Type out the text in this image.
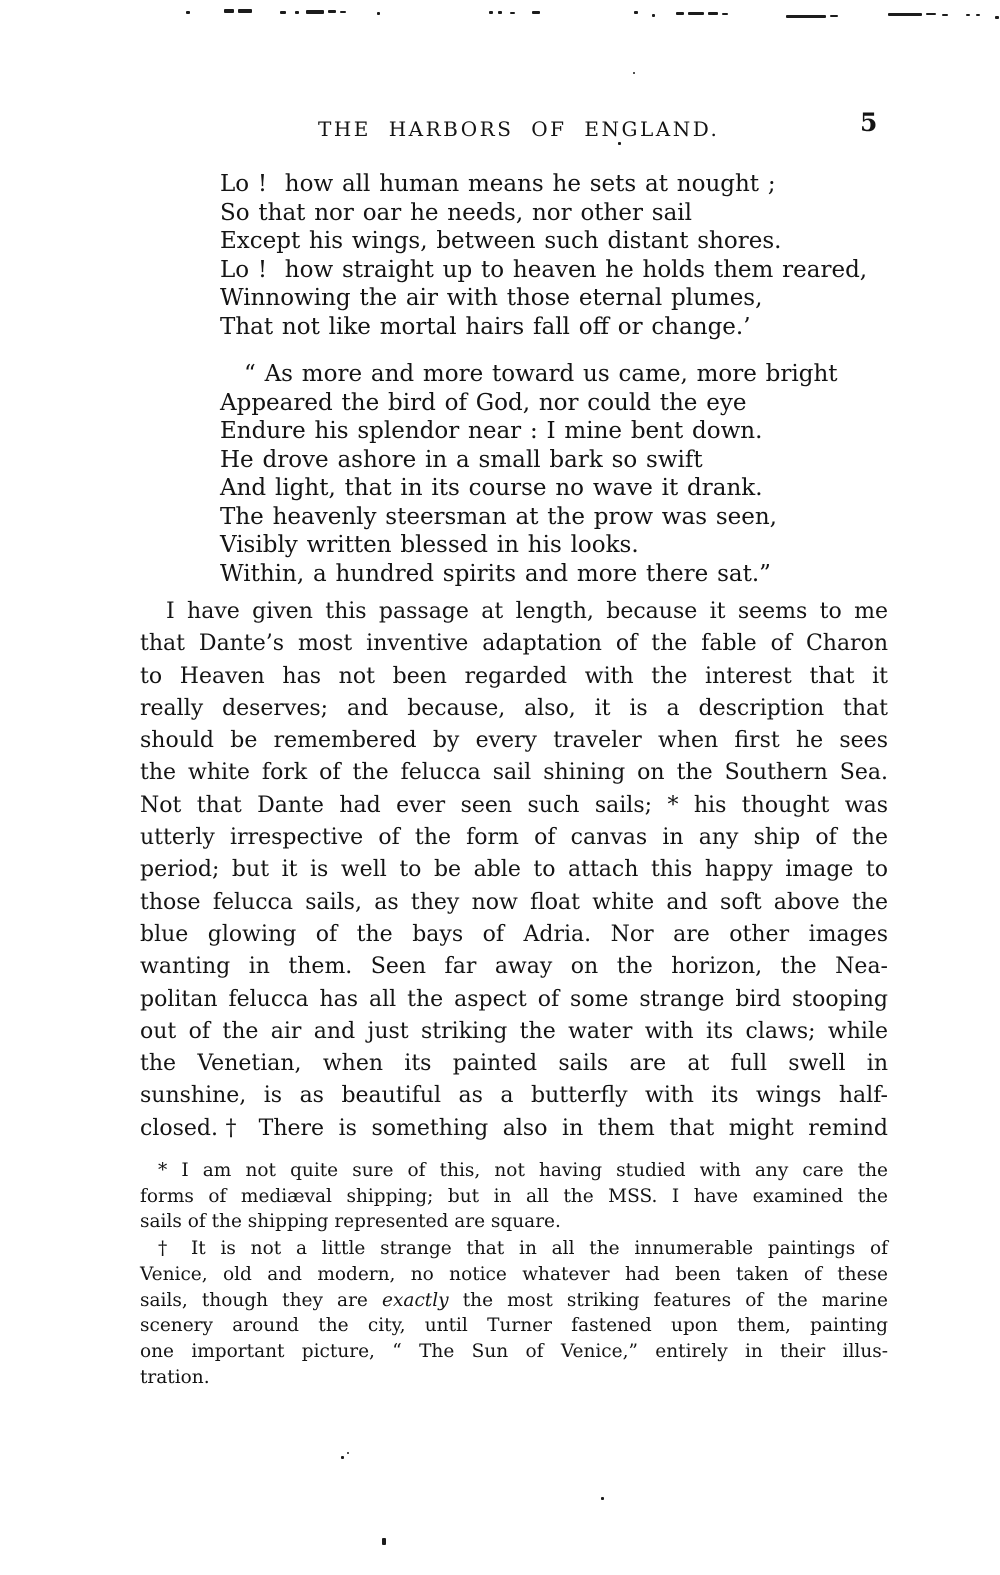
THE HARBORS OF ENGLAND.	5
Lo !  how all human means he sets at nought ;
So that nor oar he needs, nor other sail
Except his wings, between such distant shores.
Lo !  how straight up to heaven he holds them reared,
Winnowing the air with those eternal plumes,
That not like mortal hairs fall off or change.’
“ As more and more toward us came, more bright
Appeared the bird of God, nor could the eye
Endure his splendor near : I mine bent down.
He drove ashore in a small bark so swift
And light, that in its course no wave it drank.
The heavenly steersman at the prow was seen,
Visibly written blessed in his looks.
Within, a hundred spirits and more there sat.”
I have given this passage at length, because it seems to me
that Dante’s most inventive adaptation of the fable of Charon
to Heaven has not been regarded with the interest that it
really deserves; and because, also, it is a description that
should be remembered by every traveler when first he sees
the white fork of the felucca sail shining on the Southern Sea.
Not that Dante had ever seen such sails; * his thought was
utterly irrespective of the form of canvas in any ship of the
period; but it is well to be able to attach this happy image to
those felucca sails, as they now float white and soft above the
blue glowing of the bays of Adria. Nor are other images
wanting in them. Seen far away on the horizon, the Nea-
politan felucca has all the aspect of some strange bird stooping
out of the air and just striking the water with its claws; while
the Venetian, when its painted sails are at full swell in
sunshine, is as beautiful as a butterfly with its wings half-
closed.† There is something also in them that might remind
* I am not quite sure of this, not having studied with any care the
forms of mediæval shipping; but in all the MSS. I have examined the
sails of the shipping represented are square.
† It is not a little strange that in all the innumerable paintings of
Venice, old and modern, no notice whatever had been taken of these
sails, though they are exactly the most striking features of the marine
scenery around the city, until Turner fastened upon them, painting
one important picture, “ The Sun of Venice,” entirely in their illus-
tration.
